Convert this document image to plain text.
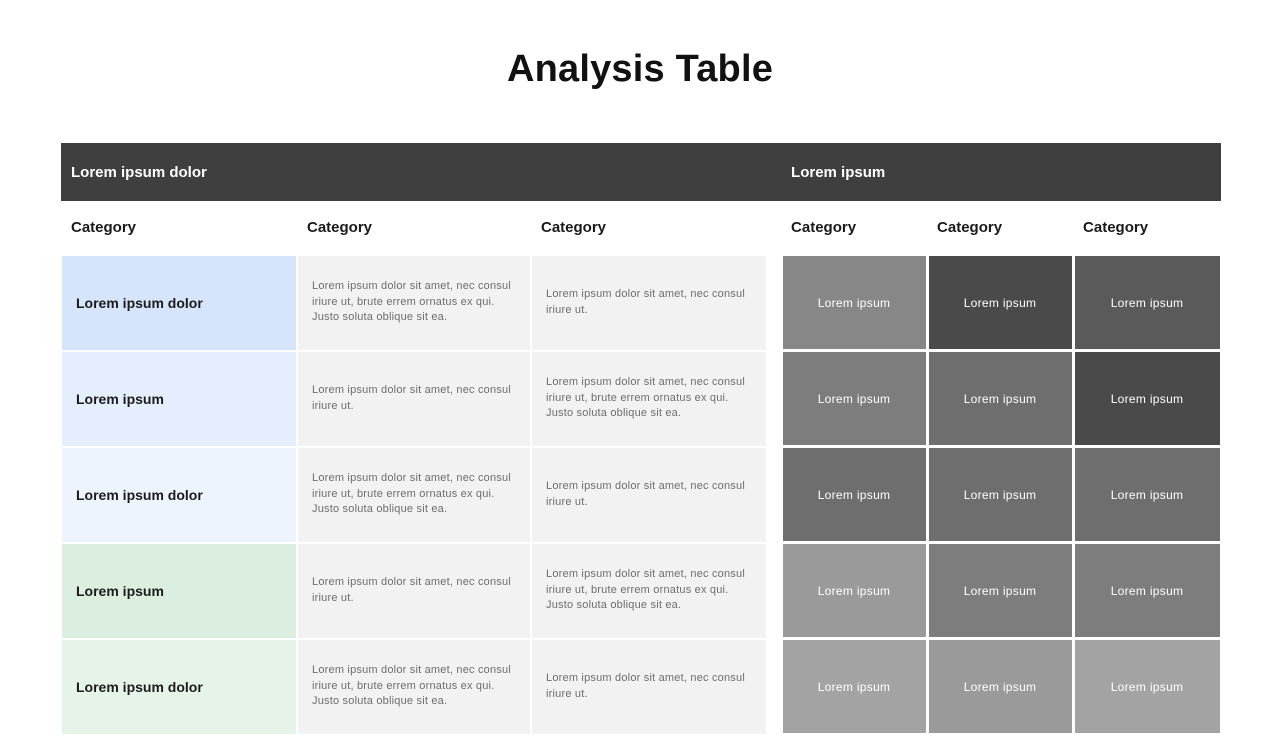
Analysis Table
Lorem ipsum dolor				Lorem ipsum		
Category	Category	Category		Category	Category	Category
Lorem ipsum dolor	Lorem ipsum dolor sit amet, nec consul iriure ut, brute errem ornatus ex qui. Justo soluta oblique sit ea.	Lorem ipsum dolor sit amet, nec consul iriure ut.		Lorem ipsum	Lorem ipsum	Lorem ipsum
Lorem ipsum	Lorem ipsum dolor sit amet, nec consul iriure ut.	Lorem ipsum dolor sit amet, nec consul iriure ut, brute errem ornatus ex qui. Justo soluta oblique sit ea.		Lorem ipsum	Lorem ipsum	Lorem ipsum
Lorem ipsum dolor	Lorem ipsum dolor sit amet, nec consul iriure ut, brute errem ornatus ex qui. Justo soluta oblique sit ea.	Lorem ipsum dolor sit amet, nec consul iriure ut.		Lorem ipsum	Lorem ipsum	Lorem ipsum
Lorem ipsum	Lorem ipsum dolor sit amet, nec consul iriure ut.	Lorem ipsum dolor sit amet, nec consul iriure ut, brute errem ornatus ex qui. Justo soluta oblique sit ea.		Lorem ipsum	Lorem ipsum	Lorem ipsum
Lorem ipsum dolor	Lorem ipsum dolor sit amet, nec consul iriure ut, brute errem ornatus ex qui. Justo soluta oblique sit ea.	Lorem ipsum dolor sit amet, nec consul iriure ut.		Lorem ipsum	Lorem ipsum	Lorem ipsum
